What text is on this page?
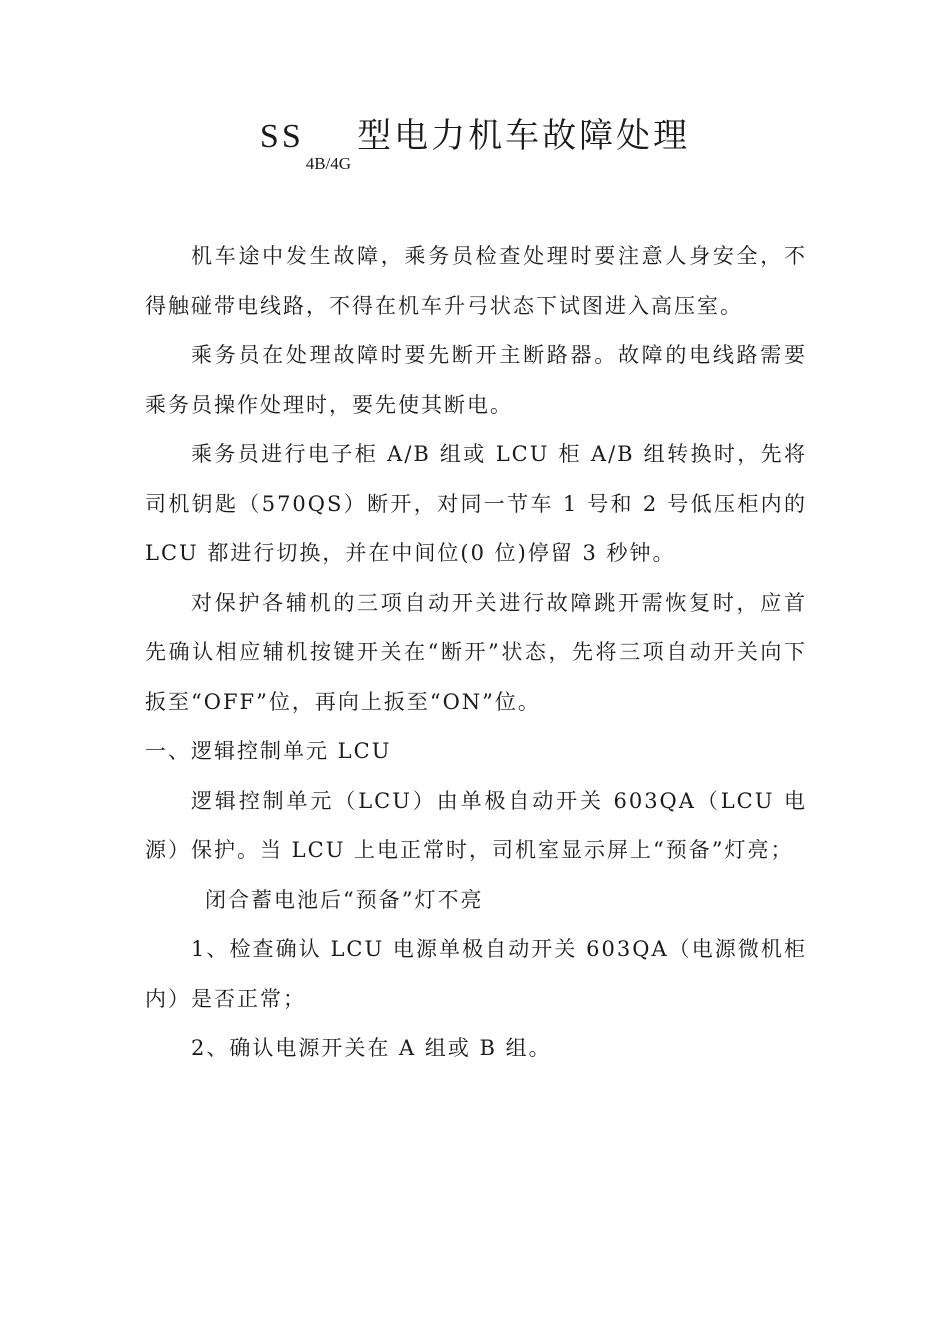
$SS_{4B/4G}$型电力机车故障处理

机车途中发生故障，乘务员检查处理时要注意人身安全，不得触碰带电线路，不得在机车升弓状态下试图进入高压室。

乘务员在处理故障时要先断开主断路器。故障的电线路需要乘务员操作处理时，要先使其断电。

乘务员进行电子柜 A/B 组或 LCU 柜 A/B 组转换时，先将司机钥匙（570QS）断开，对同一节车 1 号和 2 号低压柜内的 LCU 都进行切换，并在中间位(0 位)停留 3 秒钟。

对保护各辅机的三项自动开关进行故障跳开需恢复时，应首先确认相应辅机按键开关在“断开”状态，先将三项自动开关向下扳至“OFF”位，再向上扳至“ON”位。

一、逻辑控制单元 LCU

逻辑控制单元（LCU）由单极自动开关 603QA（LCU 电源）保护。当 LCU 上电正常时，司机室显示屏上“预备”灯亮；

闭合蓄电池后“预备”灯不亮

1、检查确认 LCU 电源单极自动开关 603QA（电源微机柜内）是否正常；

2、确认电源开关在 A 组或 B 组。
